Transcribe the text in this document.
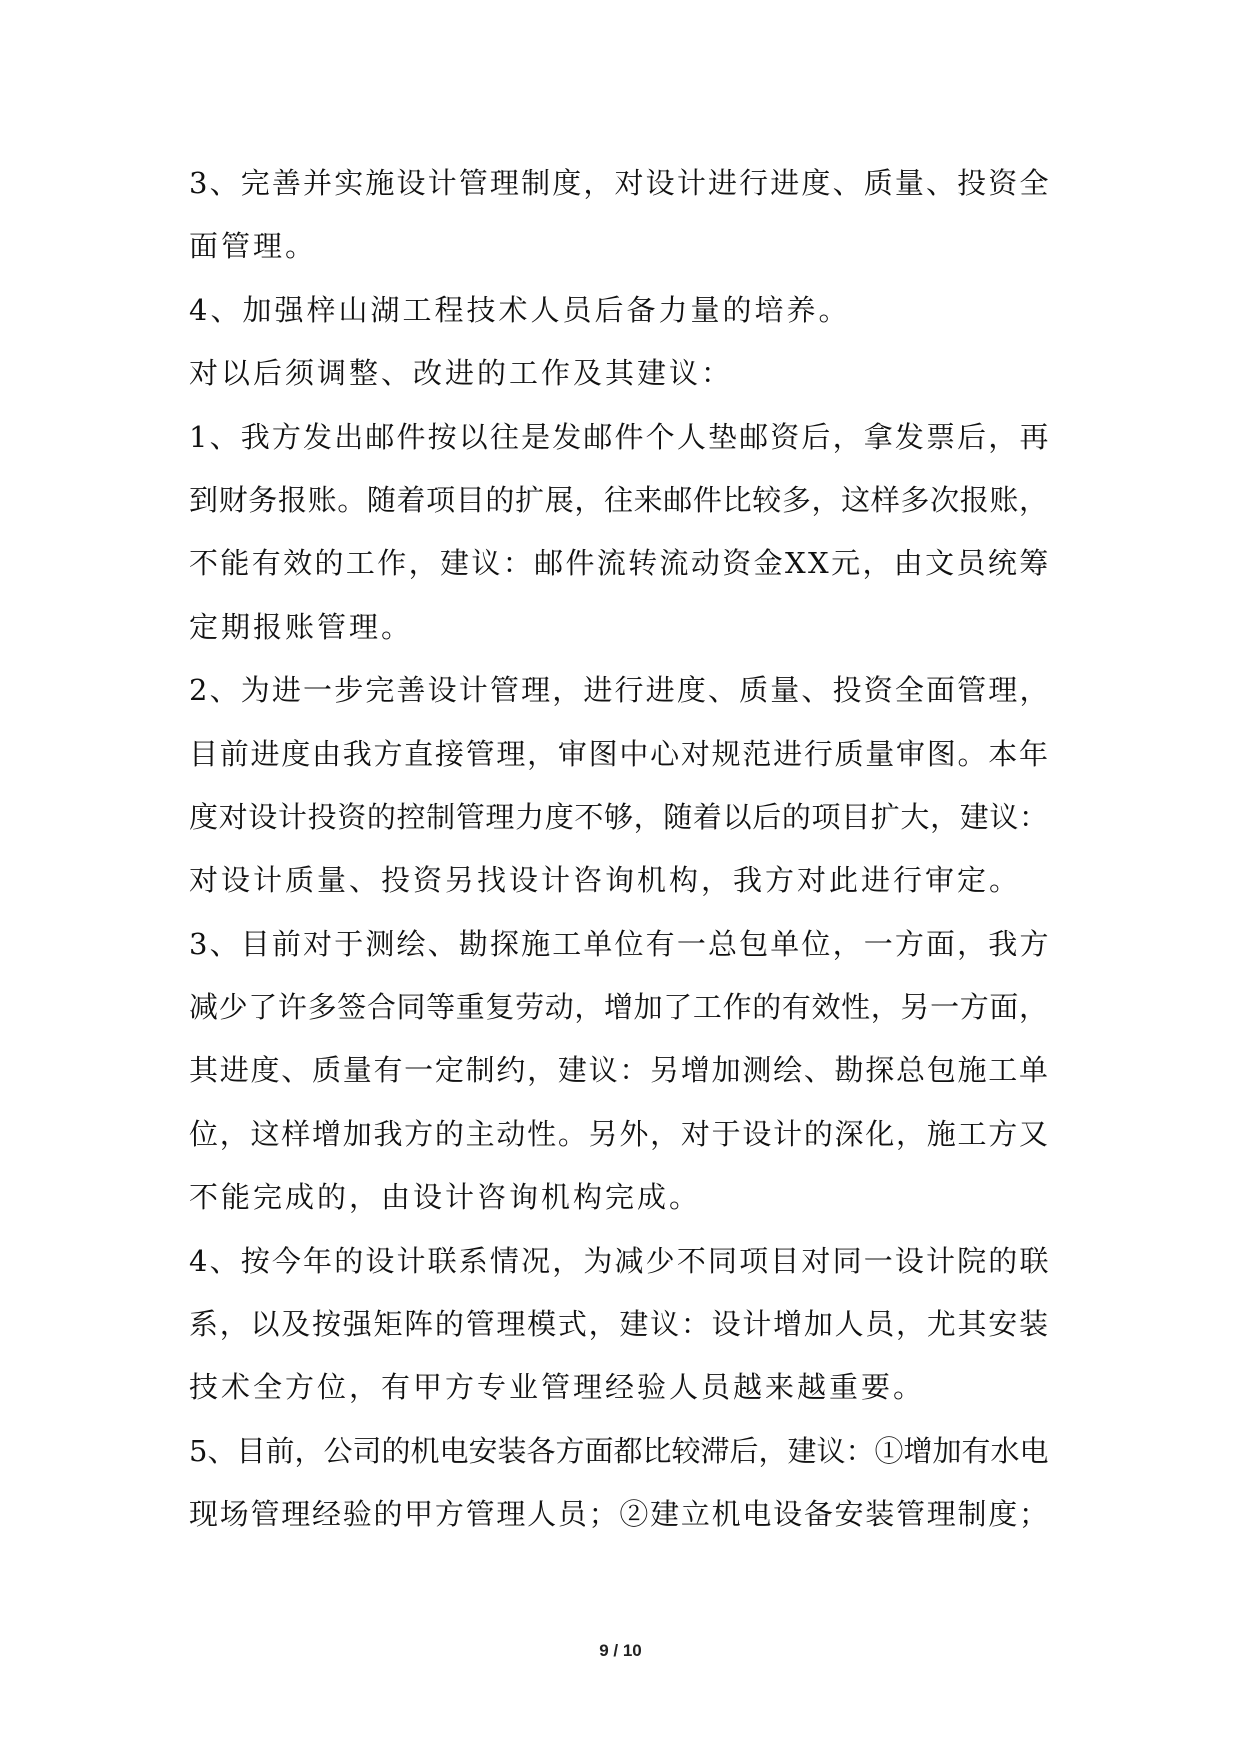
3、完善并实施设计管理制度，对设计进行进度、质量、投资全
面管理。
4、加强梓山湖工程技术人员后备力量的培养。
对以后须调整、改进的工作及其建议：
1、我方发出邮件按以往是发邮件个人垫邮资后，拿发票后，再
到财务报账。随着项目的扩展，往来邮件比较多，这样多次报账，
不能有效的工作，建议：邮件流转流动资金XX元，由文员统筹
定期报账管理。
2、为进一步完善设计管理，进行进度、质量、投资全面管理，
目前进度由我方直接管理，审图中心对规范进行质量审图。本年
度对设计投资的控制管理力度不够，随着以后的项目扩大，建议：
对设计质量、投资另找设计咨询机构，我方对此进行审定。
3、目前对于测绘、勘探施工单位有一总包单位，一方面，我方
减少了许多签合同等重复劳动，增加了工作的有效性，另一方面，
其进度、质量有一定制约，建议：另增加测绘、勘探总包施工单
位，这样增加我方的主动性。另外，对于设计的深化，施工方又
不能完成的，由设计咨询机构完成。
4、按今年的设计联系情况，为减少不同项目对同一设计院的联
系，以及按强矩阵的管理模式，建议：设计增加人员，尤其安装
技术全方位，有甲方专业管理经验人员越来越重要。
5、目前，公司的机电安装各方面都比较滞后，建议：①增加有水电
现场管理经验的甲方管理人员；②建立机电设备安装管理制度；
9 / 10
